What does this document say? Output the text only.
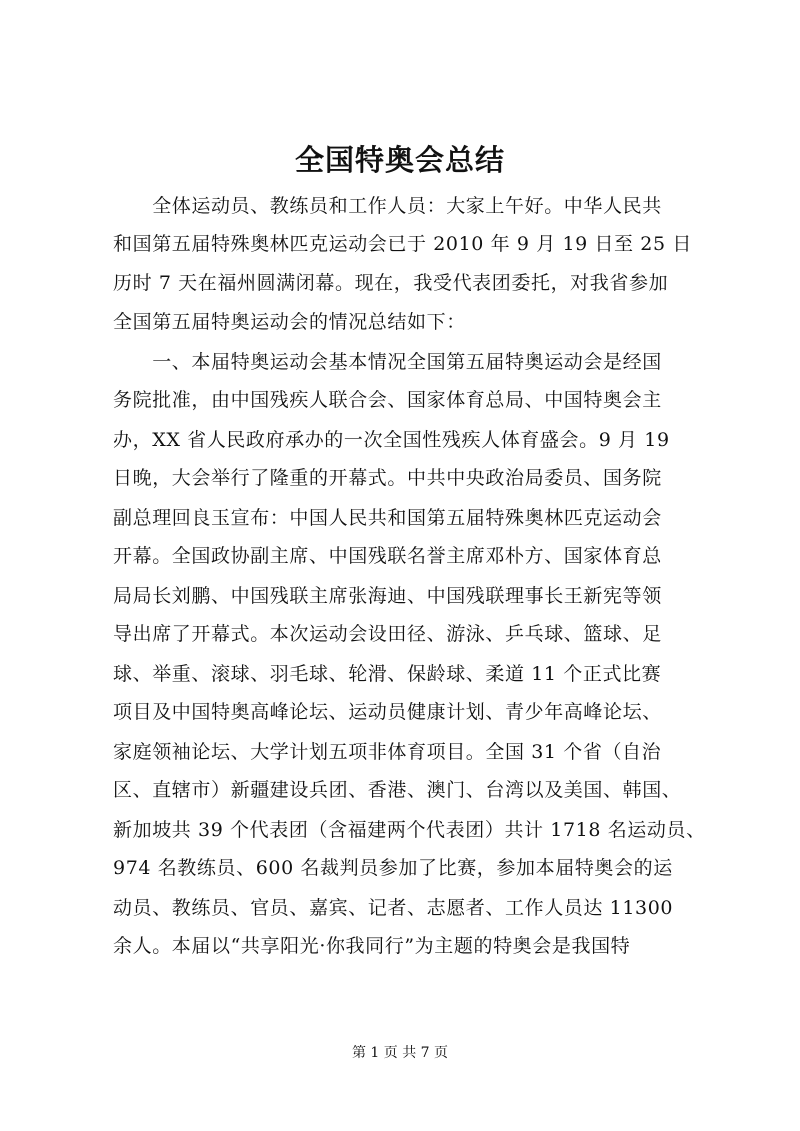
全国特奥会总结
　　全体运动员、教练员和工作人员：大家上午好。中华人民共
和国第五届特殊奥林匹克运动会已于 2010 年 9 月 19 日至 25 日
历时 7 天在福州圆满闭幕。现在，我受代表团委托，对我省参加
全国第五届特奥运动会的情况总结如下：
　　一、本届特奥运动会基本情况全国第五届特奥运动会是经国
务院批准，由中国残疾人联合会、国家体育总局、中国特奥会主
办，XX 省人民政府承办的一次全国性残疾人体育盛会。9 月 19
日晚，大会举行了隆重的开幕式。中共中央政治局委员、国务院
副总理回良玉宣布：中国人民共和国第五届特殊奥林匹克运动会
开幕。全国政协副主席、中国残联名誉主席邓朴方、国家体育总
局局长刘鹏、中国残联主席张海迪、中国残联理事长王新宪等领
导出席了开幕式。本次运动会设田径、游泳、乒乓球、篮球、足
球、举重、滚球、羽毛球、轮滑、保龄球、柔道 11 个正式比赛
项目及中国特奥高峰论坛、运动员健康计划、青少年高峰论坛、
家庭领袖论坛、大学计划五项非体育项目。全国 31 个省（自治
区、直辖市）新疆建设兵团、香港、澳门、台湾以及美国、韩国、
新加坡共 39 个代表团（含福建两个代表团）共计 1718 名运动员、
974 名教练员、600 名裁判员参加了比赛，参加本届特奥会的运
动员、教练员、官员、嘉宾、记者、志愿者、工作人员达 11300
余人。本届以“共享阳光·你我同行”为主题的特奥会是我国特
第 1 页 共 7 页
